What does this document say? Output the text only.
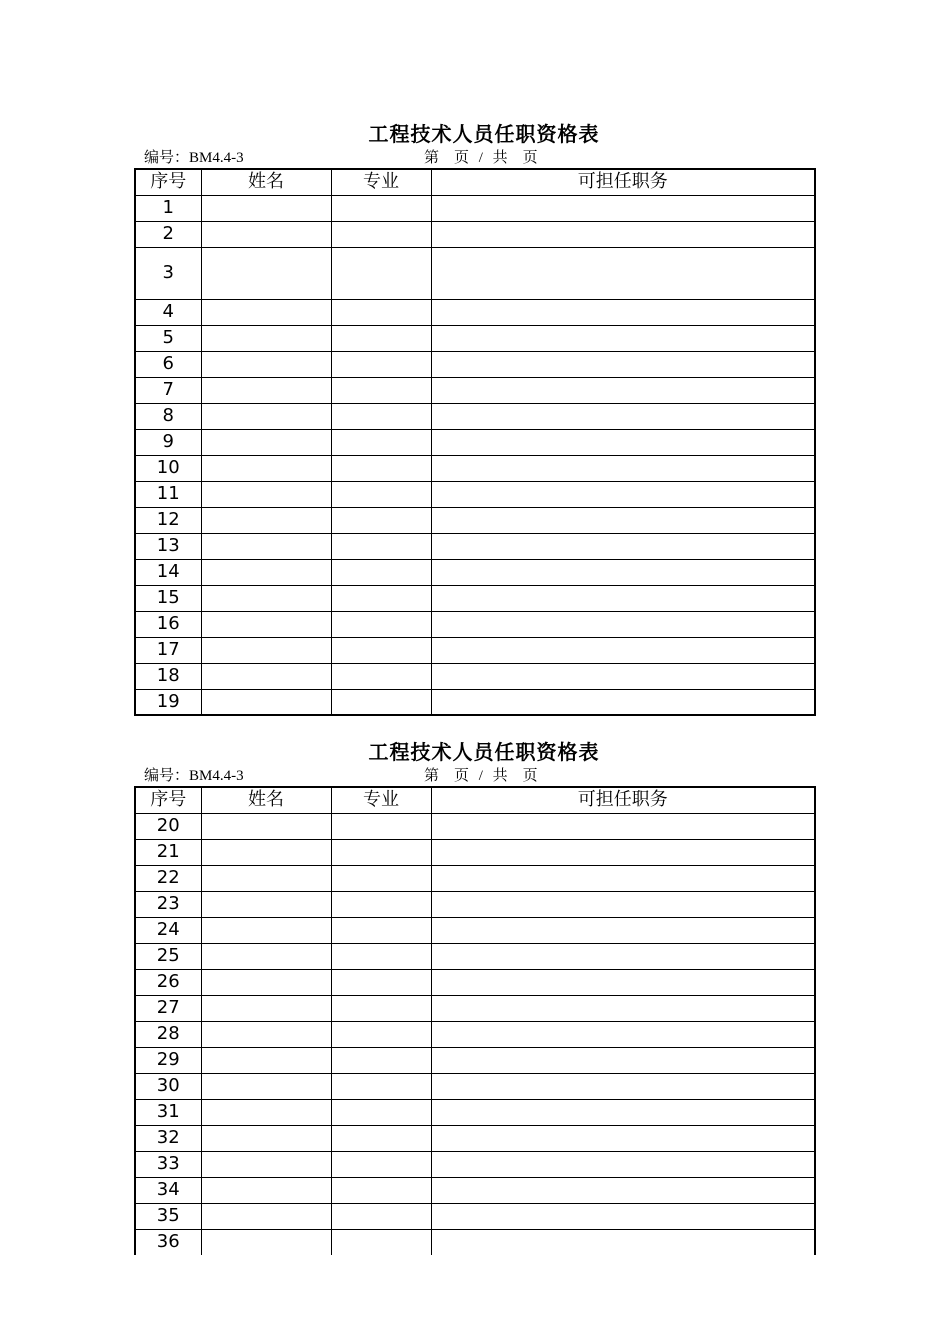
工程技术人员任职资格表
编号：BM4.4-3	第　页 / 共　页
序号	姓名	专业	可担任职务
1			
2			
3			
4			
5			
6			
7			
8			
9			
10			
11			
12			
13			
14			
15			
16			
17			
18			
19			
工程技术人员任职资格表
编号：BM4.4-3	第　页 / 共　页
序号	姓名	专业	可担任职务
20			
21			
22			
23			
24			
25			
26			
27			
28			
29			
30			
31			
32			
33			
34			
35			
36			
